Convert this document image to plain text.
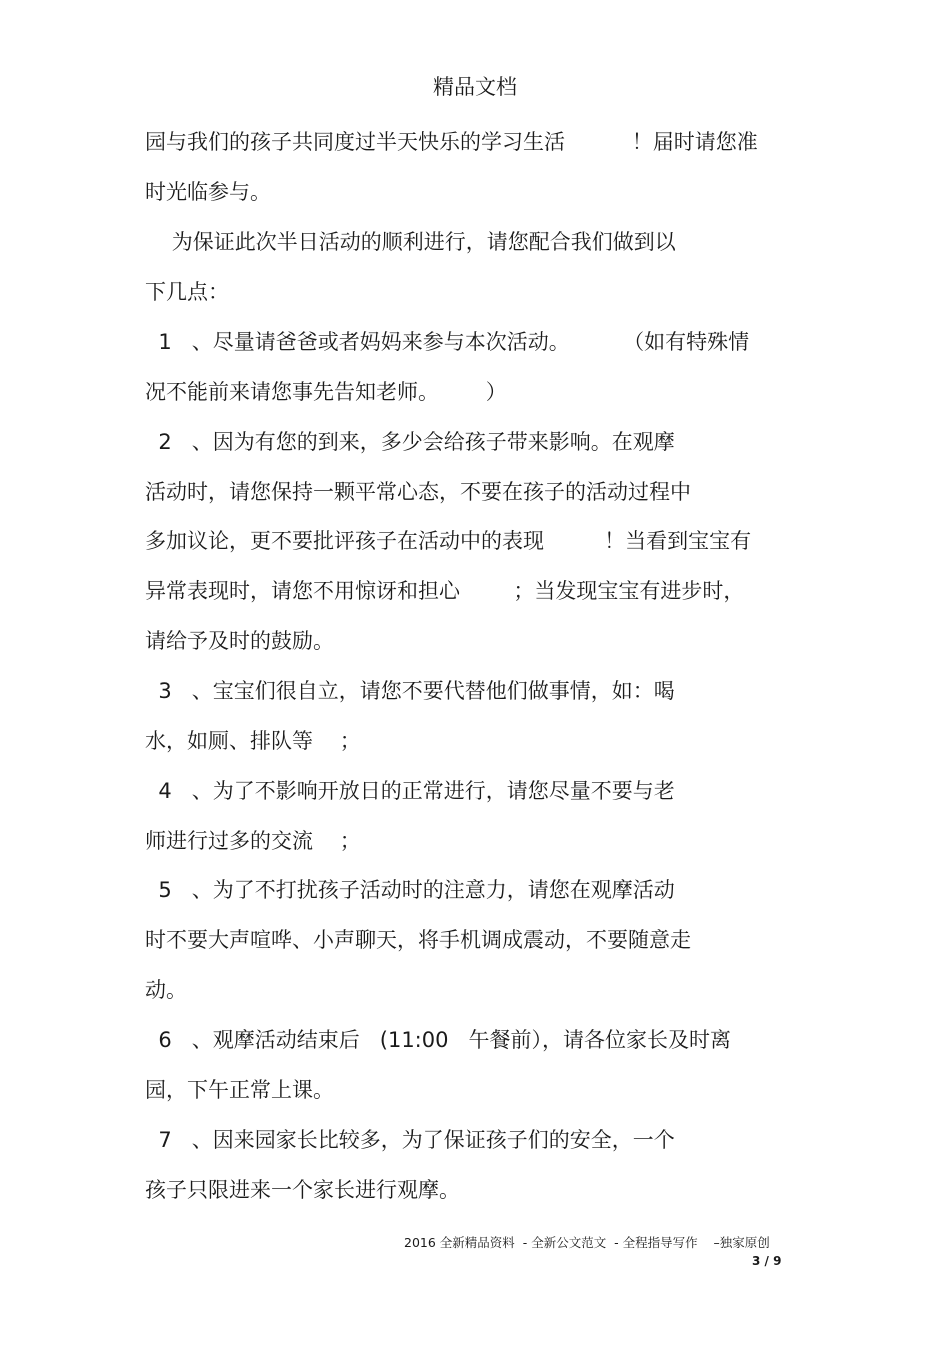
精品文档
园与我们的孩子共同度过半天快乐的学习生活          ！届时请您准
时光临参与。
为保证此次半日活动的顺利进行，请您配合我们做到以
下几点：
1   、尽量请爸爸或者妈妈来参与本次活动。        （如有特殊情
况不能前来请您事先告知老师。       ）
2   、因为有您的到来，多少会给孩子带来影响。在观摩
活动时，请您保持一颗平常心态，不要在孩子的活动过程中
多加议论，更不要批评孩子在活动中的表现         ！当看到宝宝有
异常表现时，请您不用惊讶和担心        ；当发现宝宝有进步时，
请给予及时的鼓励。
3   、宝宝们很自立，请您不要代替他们做事情，如：喝
水，如厕、排队等    ；
4   、为了不影响开放日的正常进行，请您尽量不要与老
师进行过多的交流    ；
5   、为了不打扰孩子活动时的注意力，请您在观摩活动
时不要大声喧哗、小声聊天，将手机调成震动，不要随意走
动。
6   、观摩活动结束后   (11:00   午餐前），请各位家长及时离
园，下午正常上课。
7   、因来园家长比较多，为了保证孩子们的安全，一个
孩子只限进来一个家长进行观摩。
2016 全新精品资料  - 全新公文范文  - 全程指导写作    –独家原创
3 / 9
